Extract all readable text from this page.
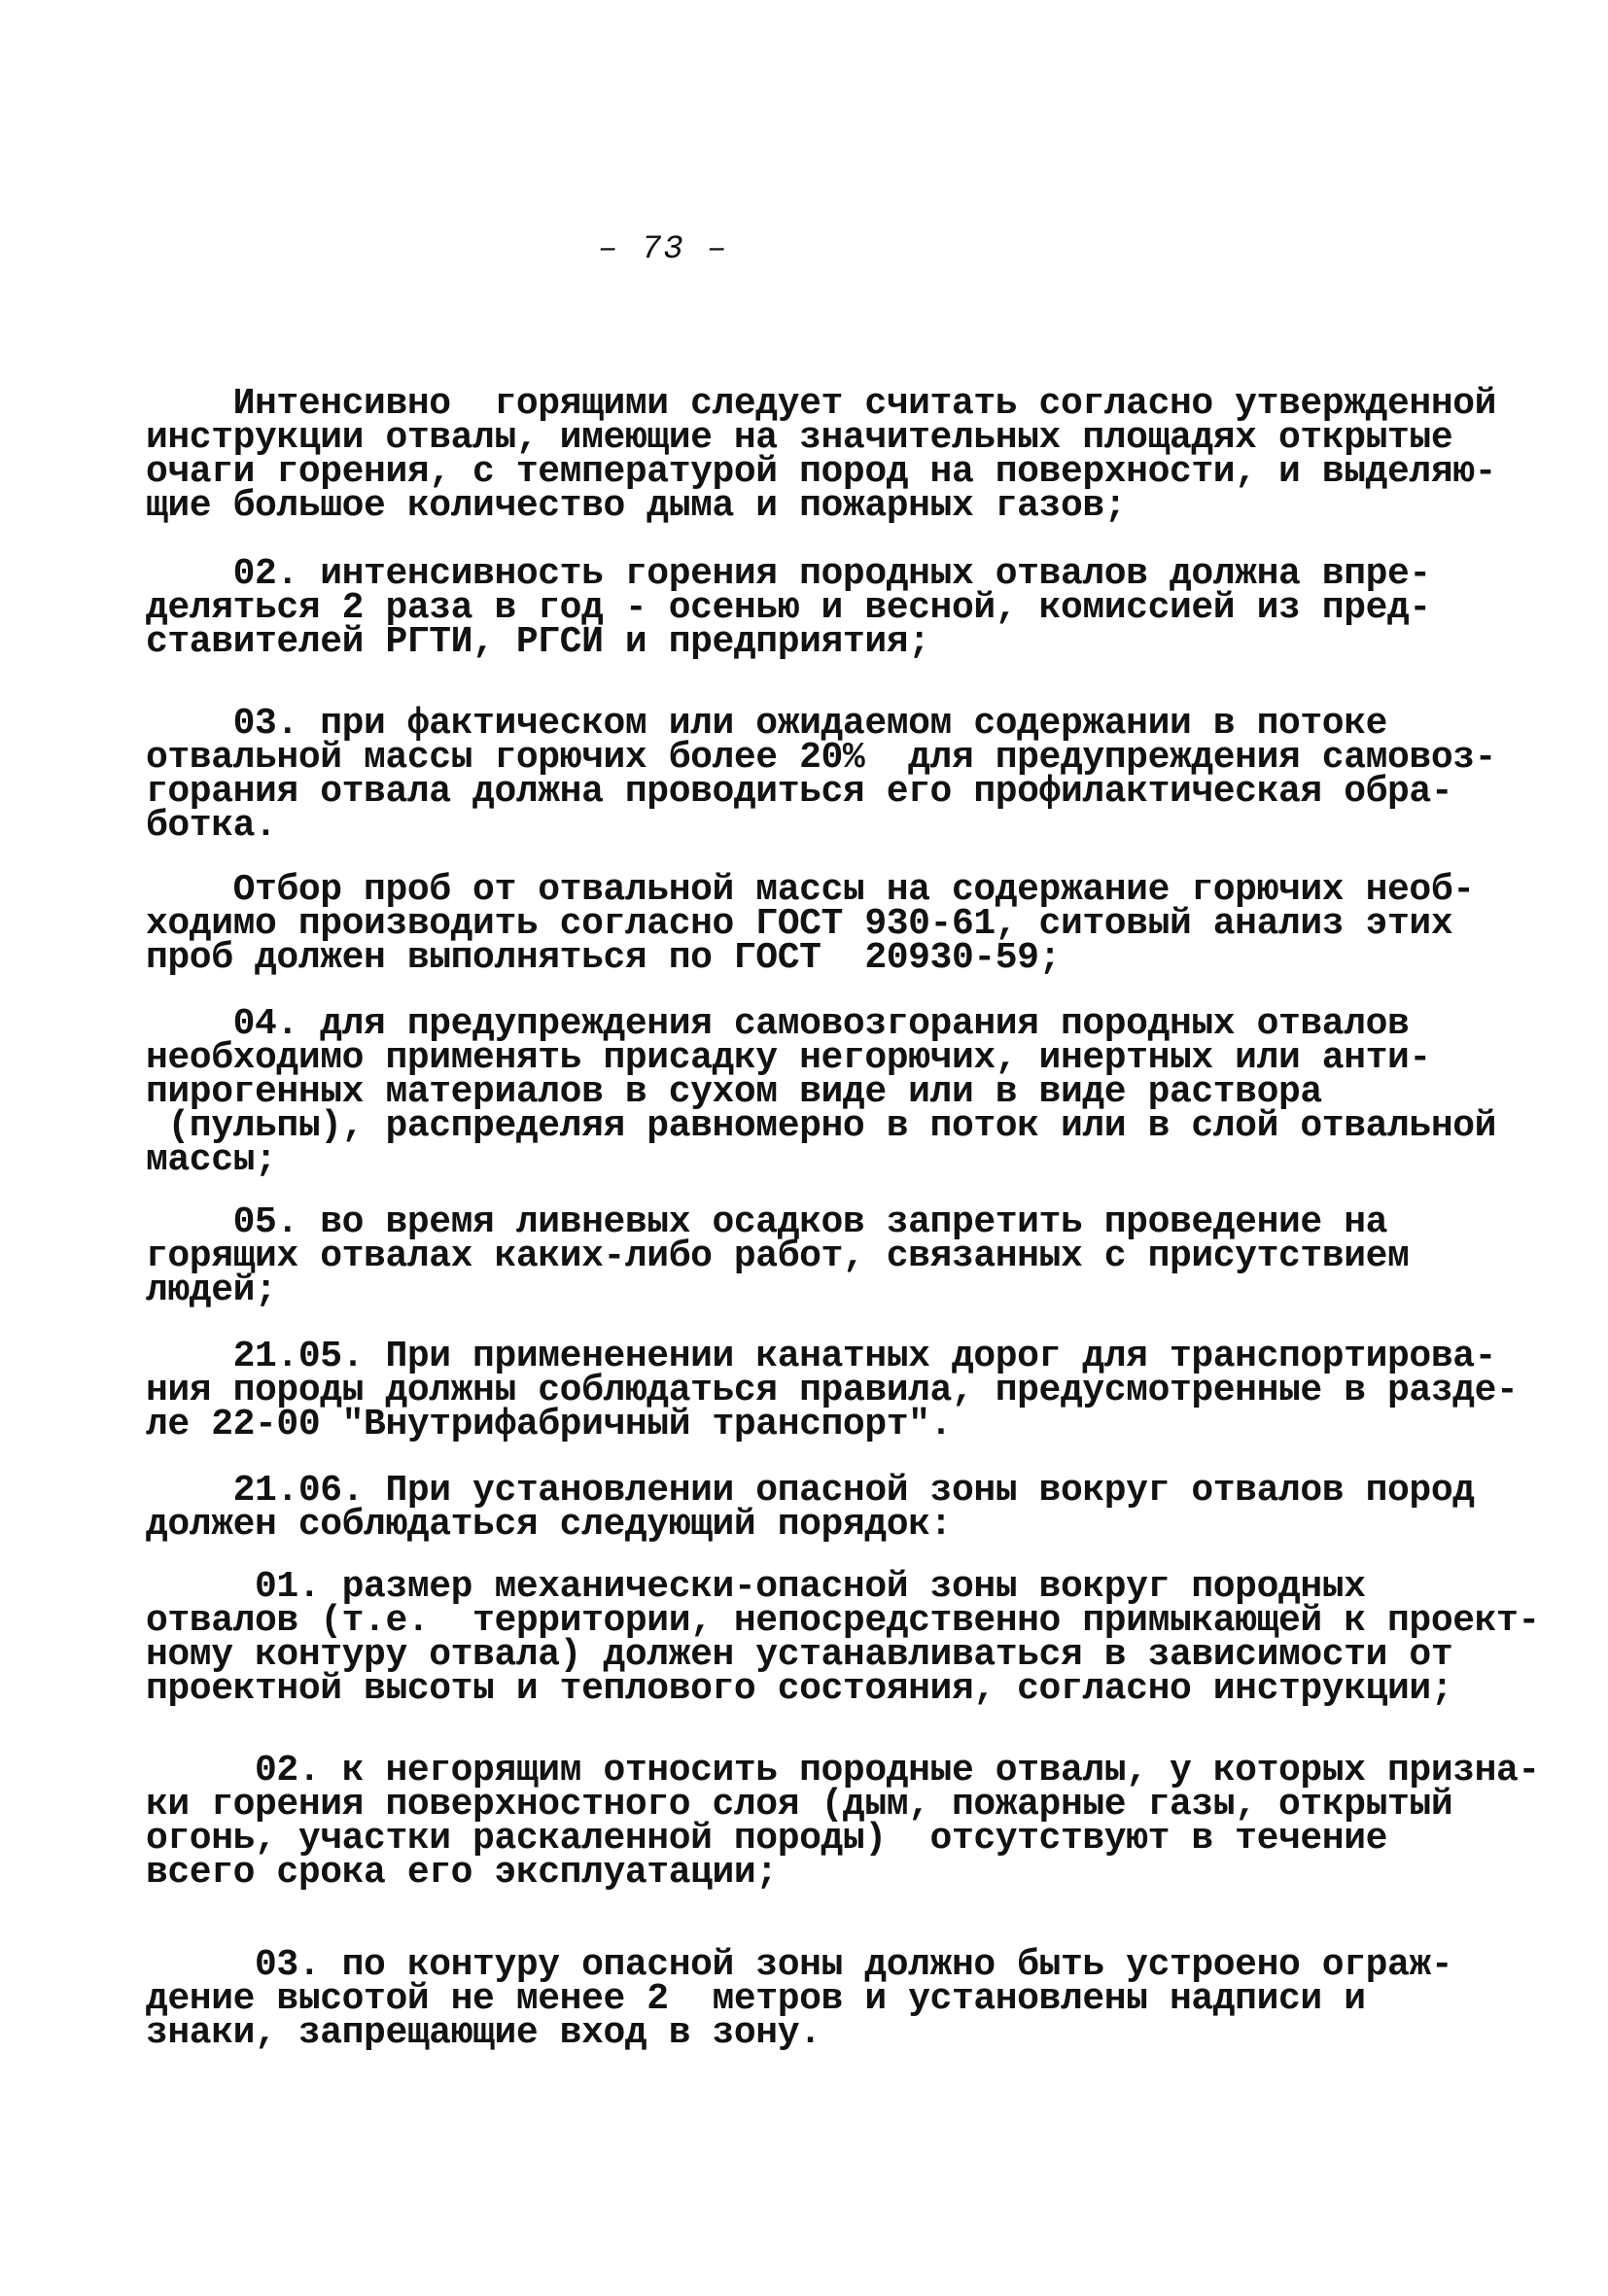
– 73 –

Интенсивно  горящими следует считать согласно утвержденной
инструкции отвалы, имеющие на значительных площадях открытые
очаги горения, с температурой пород на поверхности, и выделяю-
щие большое количество дыма и пожарных газов;

02. интенсивность горения породных отвалов должна впре-
деляться 2 раза в год - осенью и весной, комиссией из пред-
ставителей РГТИ, РГСИ и предприятия;

03. при фактическом или ожидаемом содержании в потоке
отвальной массы горючих более 20%  для предупреждения самовоз-
горания отвала должна проводиться его профилактическая обра-
ботка.

Отбор проб от отвальной массы на содержание горючих необ-
ходимо производить согласно ГОСТ 930-61, ситовый анализ этих
проб должен выполняться по ГОСТ  20930-59;

04. для предупреждения самовозгорания породных отвалов
необходимо применять присадку негорючих, инертных или анти-
пирогенных материалов в сухом виде или в виде раствора
(пульпы), распределяя равномерно в поток или в слой отвальной
массы;

05. во время ливневых осадков запретить проведение на
горящих отвалах каких-либо работ, связанных с присутствием
людей;

21.05. При примененении канатных дорог для транспортирова-
ния породы должны соблюдаться правила, предусмотренные в разде-
ле 22-00 "Внутрифабричный транспорт".

21.06. При установлении опасной зоны вокруг отвалов пород
должен соблюдаться следующий порядок:

01. размер механически-опасной зоны вокруг породных
отвалов (т.е.  территории, непосредственно примыкающей к проект-
ному контуру отвала) должен устанавливаться в зависимости от
проектной высоты и теплового состояния, согласно инструкции;

02. к негорящим относить породные отвалы, у которых призна-
ки горения поверхностного слоя (дым, пожарные газы, открытый
огонь, участки раскаленной породы)  отсутствуют в течение
всего срока его эксплуатации;

03. по контуру опасной зоны должно быть устроено ограж-
дение высотой не менее 2  метров и установлены надписи и
знаки, запрещающие вход в зону.
